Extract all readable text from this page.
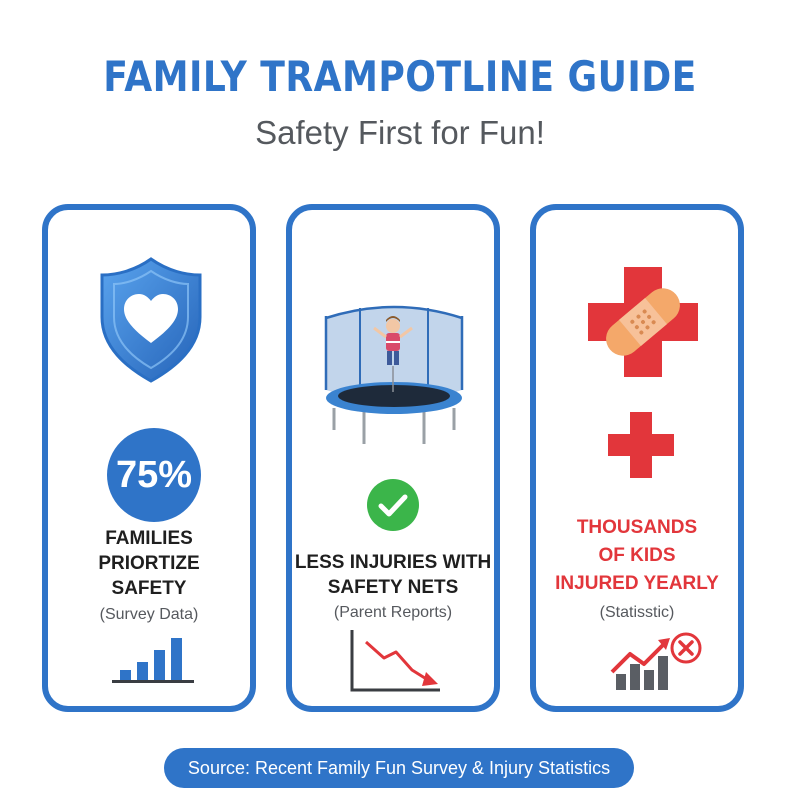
FAMILY TRAMPOTLINE GUIDE
Safety First for Fun!
75%
FAMILIES
PRIORTIZE
SAFETY
(Survey Data)
LESS INJURIES WITH
SAFETY NETS
(Parent Reports)
THOUSANDS
OF KIDS
INJURED YEARLY
(Statisstic)
Source: Recent Family Fun Survey & Injury Statistics
